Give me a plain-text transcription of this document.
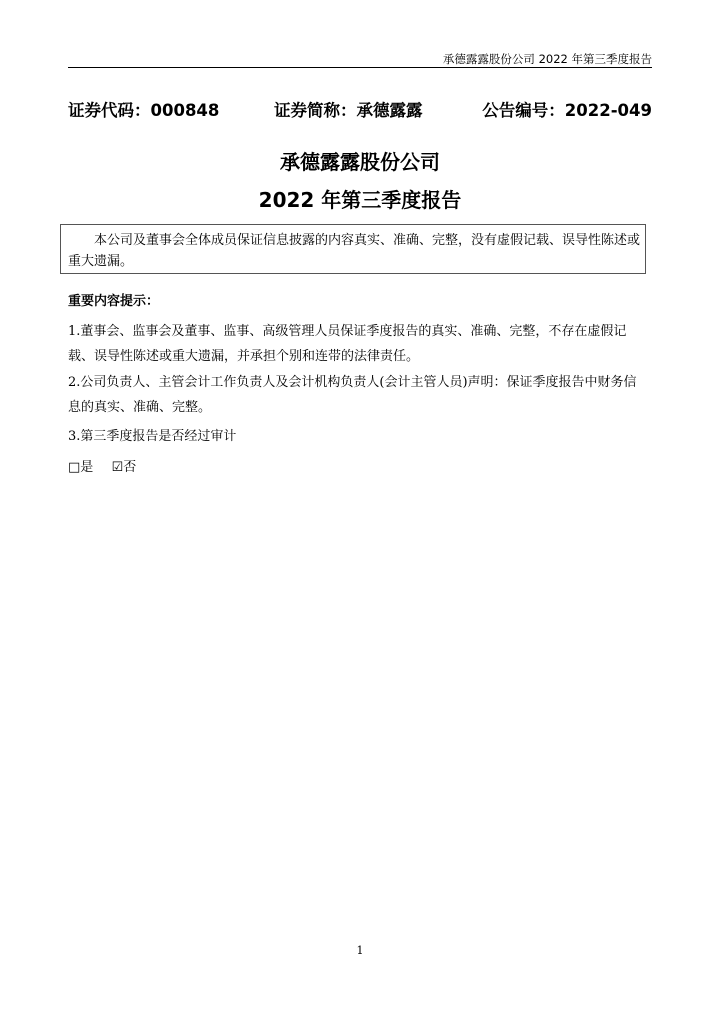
承德露露股份公司 2022 年第三季度报告
证券代码：000848	证券简称：承德露露	公告编号：2022-049
承德露露股份公司
2022 年第三季度报告
本公司及董事会全体成员保证信息披露的内容真实、准确、完整，没有虚假记载、误导性陈述或重大遗漏。
重要内容提示：
1.董事会、监事会及董事、监事、高级管理人员保证季度报告的真实、准确、完整，不存在虚假记载、误导性陈述或重大遗漏，并承担个别和连带的法律责任。
2.公司负责人、主管会计工作负责人及会计机构负责人(会计主管人员)声明：保证季度报告中财务信息的真实、准确、完整。
3.第三季度报告是否经过审计
□是 ☑否
1
